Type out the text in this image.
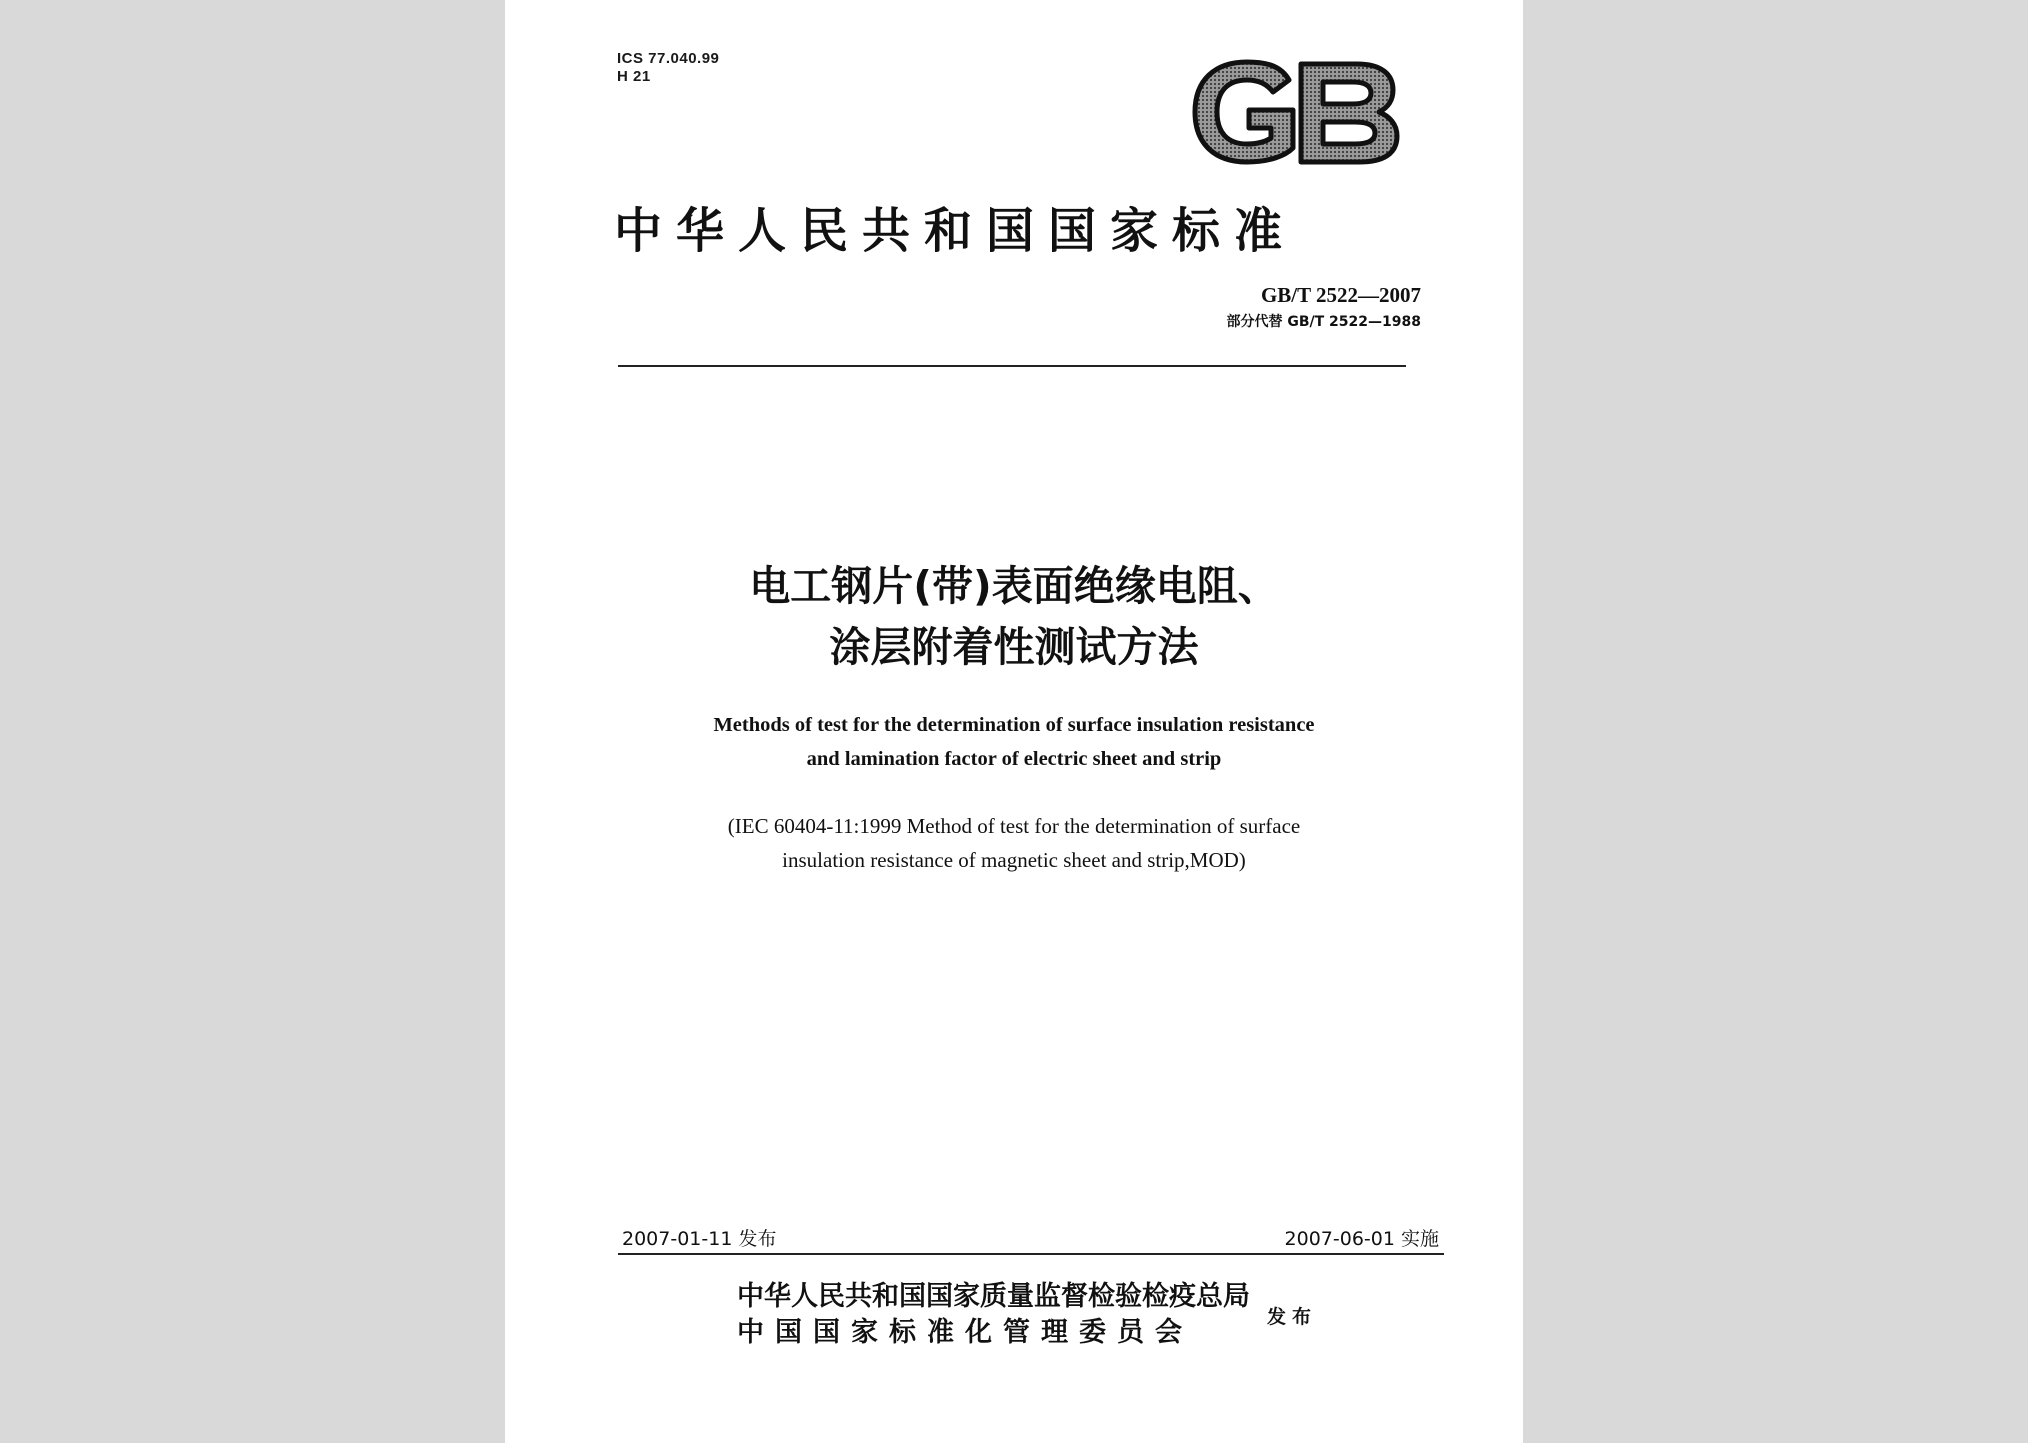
ICS 77.040.99
H 21
中华人民共和国国家标准
GB/T 2522—2007
部分代替 GB/T 2522—1988
电工钢片(带)表面绝缘电阻、
涂层附着性测试方法
Methods of test for the determination of surface insulation resistance
and lamination factor of electric sheet and strip
(IEC 60404-11:1999 Method of test for the determination of surface
insulation resistance of magnetic sheet and strip,MOD)
2007-01-11 发布	2007-06-01 实施
中华人民共和国国家质量监督检验检疫总局
中国国家标准化管理委员会	发布
